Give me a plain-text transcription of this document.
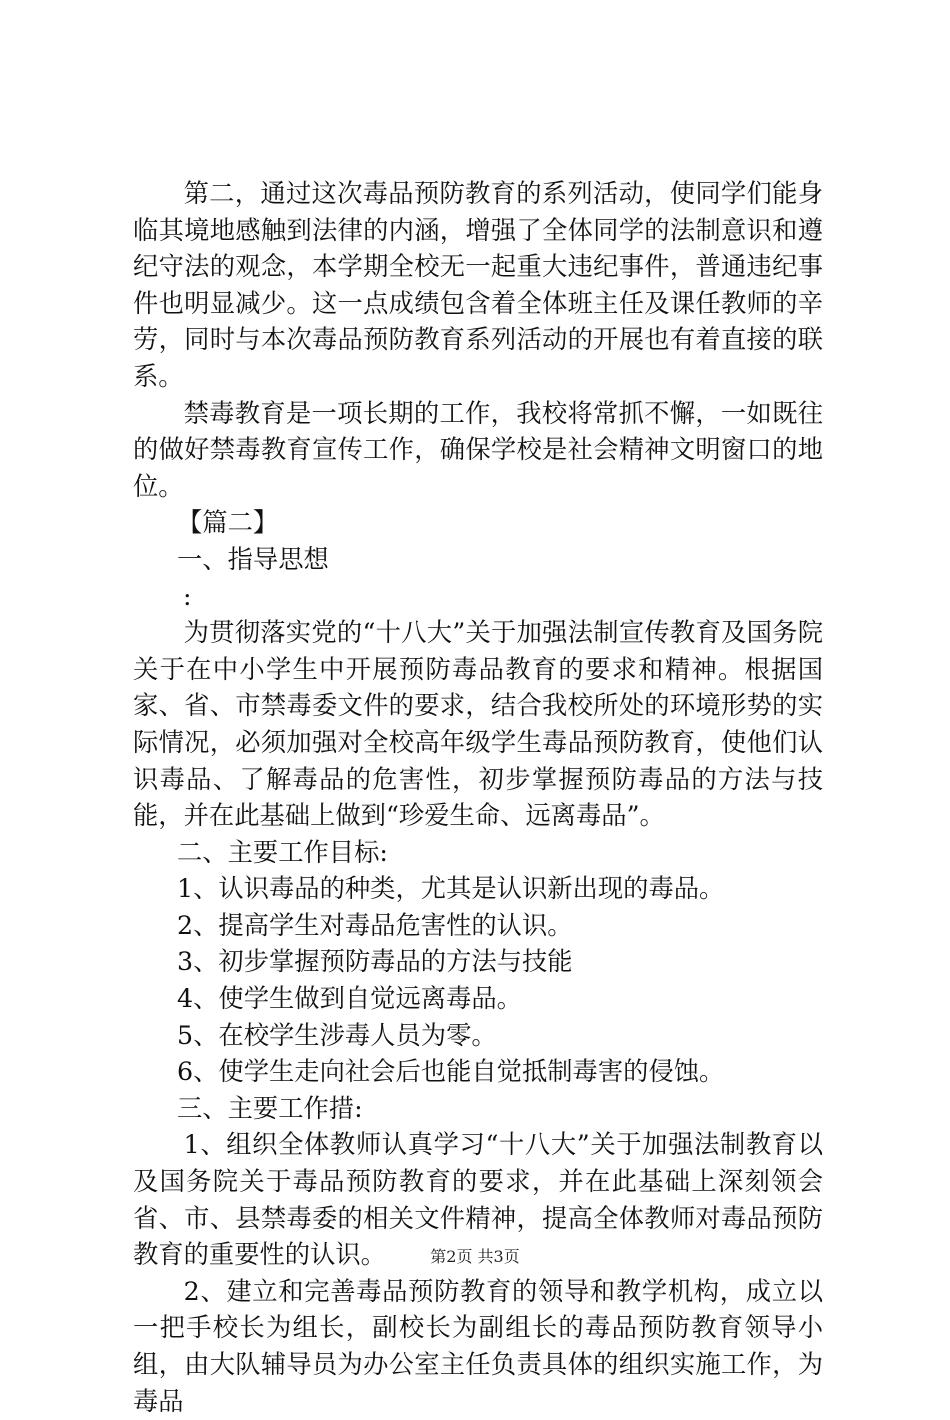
第二，通过这次毒品预防教育的系列活动，使同学们能身临其境地感触到法律的内涵，增强了全体同学的法制意识和遵纪守法的观念，本学期全校无一起重大违纪事件，普通违纪事件也明显减少。这一点成绩包含着全体班主任及课任教师的辛劳，同时与本次毒品预防教育系列活动的开展也有着直接的联系。

禁毒教育是一项长期的工作，我校将常抓不懈，一如既往的做好禁毒教育宣传工作，确保学校是社会精神文明窗口的地位。

【篇二】

一、指导思想

:

为贯彻落实党的“十八大”关于加强法制宣传教育及国务院关于在中小学生中开展预防毒品教育的要求和精神。根据国家、省、市禁毒委文件的要求，结合我校所处的环境形势的实际情况，必须加强对全校高年级学生毒品预防教育，使他们认识毒品、了解毒品的危害性，初步掌握预防毒品的方法与技能，并在此基础上做到“珍爱生命、远离毒品”。

二、主要工作目标:

1、认识毒品的种类，尤其是认识新出现的毒品。

2、提高学生对毒品危害性的认识。

3、初步掌握预防毒品的方法与技能

4、使学生做到自觉远离毒品。

5、在校学生涉毒人员为零。

6、使学生走向社会后也能自觉抵制毒害的侵蚀。

三、主要工作措:

1、组织全体教师认真学习“十八大”关于加强法制教育以及国务院关于毒品预防教育的要求，并在此基础上深刻领会省、市、县禁毒委的相关文件精神，提高全体教师对毒品预防教育的重要性的认识。

2、建立和完善毒品预防教育的领导和教学机构，成立以一把手校长为组长，副校长为副组长的毒品预防教育领导小组，由大队辅导员为办公室主任负责具体的组织实施工作，为毒品

第2页 共3页
